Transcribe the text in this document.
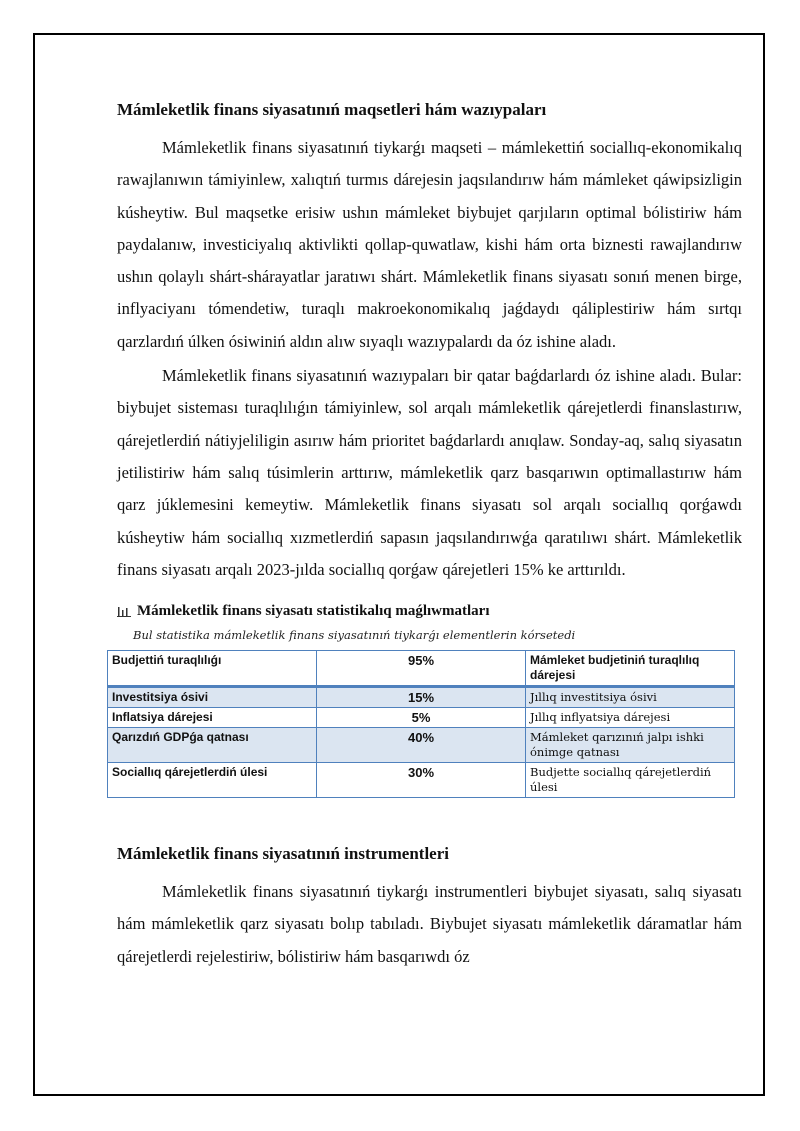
Mámleketlik finans siyasatınıń maqsetleri hám wazıypaları

Mámleketlik finans siyasatınıń tiykarǵı maqseti – mámlekettiń sociallıq-ekonomikalıq rawajlanıwın támiyinlew, xalıqtıń turmıs dárejesin jaqsılandırıw hám mámleket qáwipsizligin kúsheytiw. Bul maqsetke erisiw ushın mámleket biybujet qarjıların optimal bólistiriw hám paydalanıw, investiciyalıq aktivlikti qollap-quwatlaw, kishi hám orta biznesti rawajlandırıw ushın qolaylı shárt-shárayatlar jaratıwı shárt. Mámleketlik finans siyasatı sonıń menen birge, inflyaciyanı tómendetiw, turaqlı makroekonomikalıq jaǵdaydı qáliplestiriw hám sırtqı qarzlardıń úlken ósiwiniń aldın alıw sıyaqlı wazıypalardı da óz ishine aladı.

Mámleketlik finans siyasatınıń wazıypaları bir qatar baǵdarlardı óz ishine aladı. Bular: biybujet sisteması turaqlılıǵın támiyinlew, sol arqalı mámleketlik qárejetlerdi finanslastırıw, qárejetlerdiń nátiyjeliligin asırıw hám prioritet baǵdarlardı anıqlaw. Sonday-aq, salıq siyasatın jetilistiriw hám salıq túsimlerin arttırıw, mámleketlik qarz basqarıwın optimallastırıw hám qarz júklemesini kemeytiw. Mámleketlik finans siyasatı sol arqalı sociallıq qorǵawdı kúsheytiw hám sociallıq xızmetlerdiń sapasın jaqsılandırıwǵa qaratılıwı shárt. Mámleketlik finans siyasatı arqalı 2023-jılda sociallıq qorǵaw qárejetleri 15% ke arttırıldı.

Mámleketlik finans siyasatı statistikalıq maǵlıwmatları
Bul statistika mámleketlik finans siyasatınıń tiykarǵı elementlerin kórsetedi
Budjettiń turaqlılıǵı	95%	Mámleket budjetiniń turaqlılıq dárejesi
Investitsiya ósivi	15%	Jıllıq investitsiya ósivi
Inflatsiya dárejesi	5%	Jıllıq inflyatsiya dárejesi
Qarızdıń GDPǵa qatnası	40%	Mámleket qarızınıń jalpı ishki ónimge qatnası
Sociallıq qárejetlerdiń úlesi	30%	Budjette sociallıq qárejetlerdiń úlesi
Mámleketlik finans siyasatınıń instrumentleri

Mámleketlik finans siyasatınıń tiykarǵı instrumentleri biybujet siyasatı, salıq siyasatı hám mámleketlik qarz siyasatı bolıp tabıladı. Biybujet siyasatı mámleketlik dáramatlar hám qárejetlerdi rejelestiriw, bólistiriw hám basqarıwdı óz
